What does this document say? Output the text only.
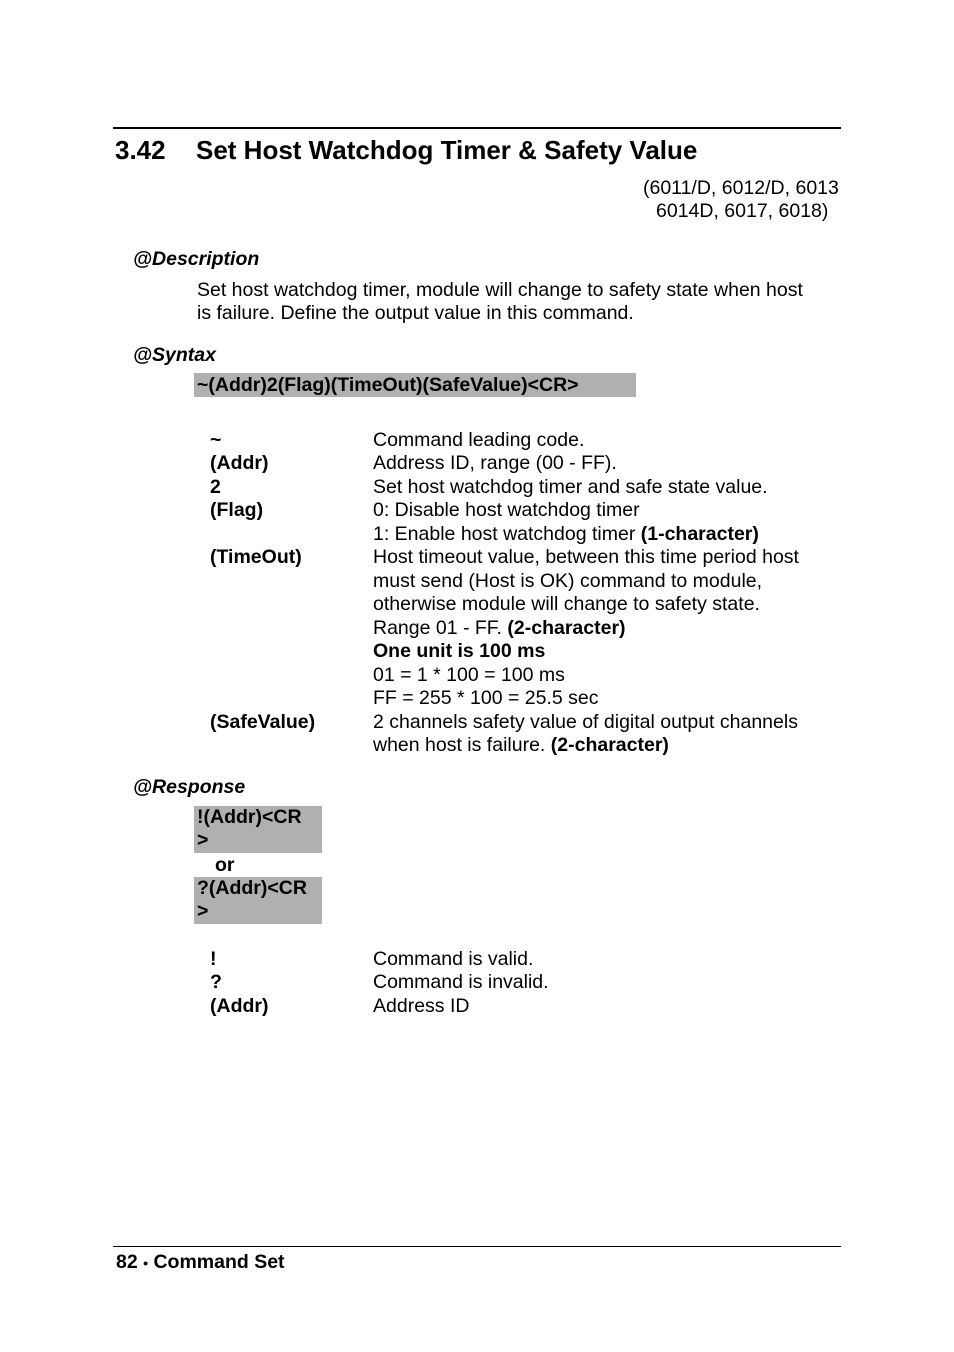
3.42 Set Host Watchdog Timer & Safety Value
(6011/D, 6012/D, 6013
6014D, 6017, 6018)
@Description
Set host watchdog timer, module will change to safety state when host
is failure. Define the output value in this command.
@Syntax
~(Addr)2(Flag)(TimeOut)(SafeValue)<CR>
~	Command leading code.
(Addr)	Address ID, range (00 - FF).
2	Set host watchdog timer and safe state value.
(Flag)	0: Disable host watchdog timer
1: Enable host watchdog timer (1-character)
(TimeOut)	Host timeout value, between this time period host
must send (Host is OK) command to module,
otherwise module will change to safety state.
Range 01 - FF. (2-character)
One unit is 100 ms
01 = 1 * 100 = 100 ms
FF = 255 * 100 = 25.5 sec
(SafeValue)	2 channels safety value of digital output channels
when host is failure. (2-character)
@Response
!(Addr)<CR
>
or
?(Addr)<CR
>
!	Command is valid.
?	Command is invalid.
(Addr)	Address ID
82 • Command Set
